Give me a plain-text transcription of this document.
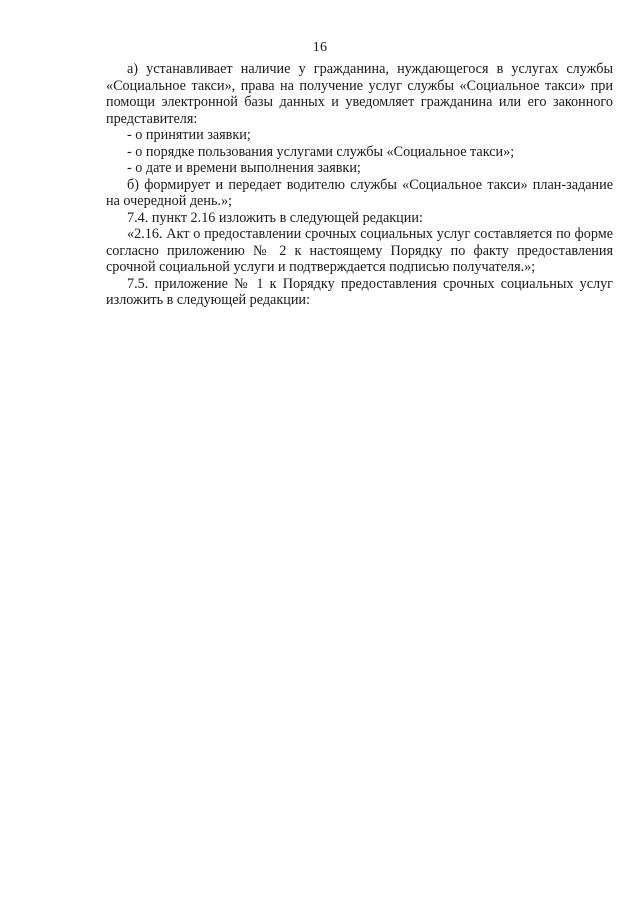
16

а) устанавливает наличие у гражданина, нуждающегося в услугах службы «Социальное такси», права на получение услуг службы «Социальное такси» при помощи электронной базы данных и уведомляет гражданина или его законного представителя:

- о принятии заявки;

- о порядке пользования услугами службы «Социальное такси»;

- о дате и времени выполнения заявки;

б) формирует и передает водителю службы «Социальное такси» план-задание на очередной день.»;

7.4. пункт 2.16 изложить в следующей редакции:

«2.16. Акт о предоставлении срочных социальных услуг составляется по форме согласно приложению № 2 к настоящему Порядку по факту предоставления срочной социальной услуги и подтверждается подписью получателя.»;

7.5. приложение № 1 к Порядку предоставления срочных социальных услуг изложить в следующей редакции:
